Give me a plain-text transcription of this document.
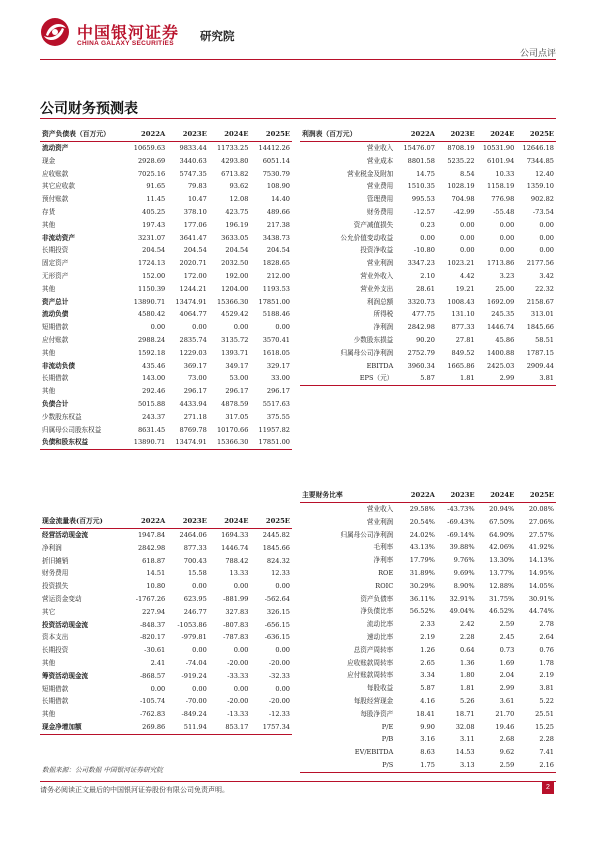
中国银河证券
CHINA GALAXY SECURITIES
研究院
公司点评
公司财务预测表
资产负债表（百万元）	2022A	2023E	2024E	2025E
流动资产	10659.63	9833.44	11733.25	14412.26
现金	2928.69	3440.63	4293.80	6051.14
应收账款	7025.16	5747.35	6713.82	7530.79
其它应收款	91.65	79.83	93.62	108.90
预付账款	11.45	10.47	12.08	14.40
存货	405.25	378.10	423.75	489.66
其他	197.43	177.06	196.19	217.38
非流动资产	3231.07	3641.47	3633.05	3438.73
长期投资	204.54	204.54	204.54	204.54
固定资产	1724.13	2020.71	2032.50	1828.65
无形资产	152.00	172.00	192.00	212.00
其他	1150.39	1244.21	1204.00	1193.53
资产总计	13890.71	13474.91	15366.30	17851.00
流动负债	4580.42	4064.77	4529.42	5188.46
短期借款	0.00	0.00	0.00	0.00
应付账款	2988.24	2835.74	3135.72	3570.41
其他	1592.18	1229.03	1393.71	1618.05
非流动负债	435.46	369.17	349.17	329.17
长期借款	143.00	73.00	53.00	33.00
其他	292.46	296.17	296.17	296.17
负债合计	5015.88	4433.94	4878.59	5517.63
少数股东权益	243.37	271.18	317.05	375.55
归属母公司股东权益	8631.45	8769.78	10170.66	11957.82
负债和股东权益	13890.71	13474.91	15366.30	17851.00
利润表（百万元）	2022A	2023E	2024E	2025E
营业收入	15476.07	8708.19	10531.90	12646.18
营业成本	8801.58	5235.22	6101.94	7344.85
营业税金及附加	14.75	8.54	10.33	12.40
营业费用	1510.35	1028.19	1158.19	1359.10
管理费用	995.53	704.98	776.98	902.82
财务费用	-12.57	-42.99	-55.48	-73.54
资产减值损失	0.23	0.00	0.00	0.00
公允价值变动收益	0.00	0.00	0.00	0.00
投资净收益	-10.80	0.00	0.00	0.00
营业利润	3347.23	1023.21	1713.86	2177.56
营业外收入	2.10	4.42	3.23	3.42
营业外支出	28.61	19.21	25.00	22.32
利润总额	3320.73	1008.43	1692.09	2158.67
所得税	477.75	131.10	245.35	313.01
净利润	2842.98	877.33	1446.74	1845.66
少数股东损益	90.20	27.81	45.86	58.51
归属母公司净利润	2752.79	849.52	1400.88	1787.15
EBITDA	3960.34	1665.86	2425.03	2909.44
EPS（元）	5.87	1.81	2.99	3.81
现金流量表(百万元)	2022A	2023E	2024E	2025E
经营活动现金流	1947.84	2464.06	1694.33	2445.82
净利润	2842.98	877.33	1446.74	1845.66
折旧摊销	618.87	700.43	788.42	824.32
财务费用	14.51	15.58	13.33	12.33
投资损失	10.80	0.00	0.00	0.00
营运资金变动	-1767.26	623.95	-881.99	-562.64
其它	227.94	246.77	327.83	326.15
投资活动现金流	-848.37	-1053.86	-807.83	-656.15
资本支出	-820.17	-979.81	-787.83	-636.15
长期投资	-30.61	0.00	0.00	0.00
其他	2.41	-74.04	-20.00	-20.00
筹资活动现金流	-868.57	-919.24	-33.33	-32.33
短期借款	0.00	0.00	0.00	0.00
长期借款	-105.74	-70.00	-20.00	-20.00
其他	-762.83	-849.24	-13.33	-12.33
现金净增加额	269.86	511.94	853.17	1757.34
主要财务比率	2022A	2023E	2024E	2025E
营业收入	29.58%	-43.73%	20.94%	20.08%
营业利润	20.54%	-69.43%	67.50%	27.06%
归属母公司净利润	24.02%	-69.14%	64.90%	27.57%
毛利率	43.13%	39.88%	42.06%	41.92%
净利率	17.79%	9.76%	13.30%	14.13%
ROE	31.89%	9.69%	13.77%	14.95%
ROIC	30.29%	8.90%	12.88%	14.05%
资产负债率	36.11%	32.91%	31.75%	30.91%
净负债比率	56.52%	49.04%	46.52%	44.74%
流动比率	2.33	2.42	2.59	2.78
速动比率	2.19	2.28	2.45	2.64
总资产周转率	1.26	0.64	0.73	0.76
应收账款周转率	2.65	1.36	1.69	1.78
应付账款周转率	3.34	1.80	2.04	2.19
每股收益	5.87	1.81	2.99	3.81
每股经营现金	4.16	5.26	3.61	5.22
每股净资产	18.41	18.71	21.70	25.51
P/E	9.90	32.08	19.46	15.25
P/B	3.16	3.11	2.68	2.28
EV/EBITDA	8.63	14.53	9.62	7.41
P/S	1.75	3.13	2.59	2.16
数据来源：公司数据 中国银河证券研究院
请务必阅读正文最后的中国银河证券股份有限公司免责声明。	2
